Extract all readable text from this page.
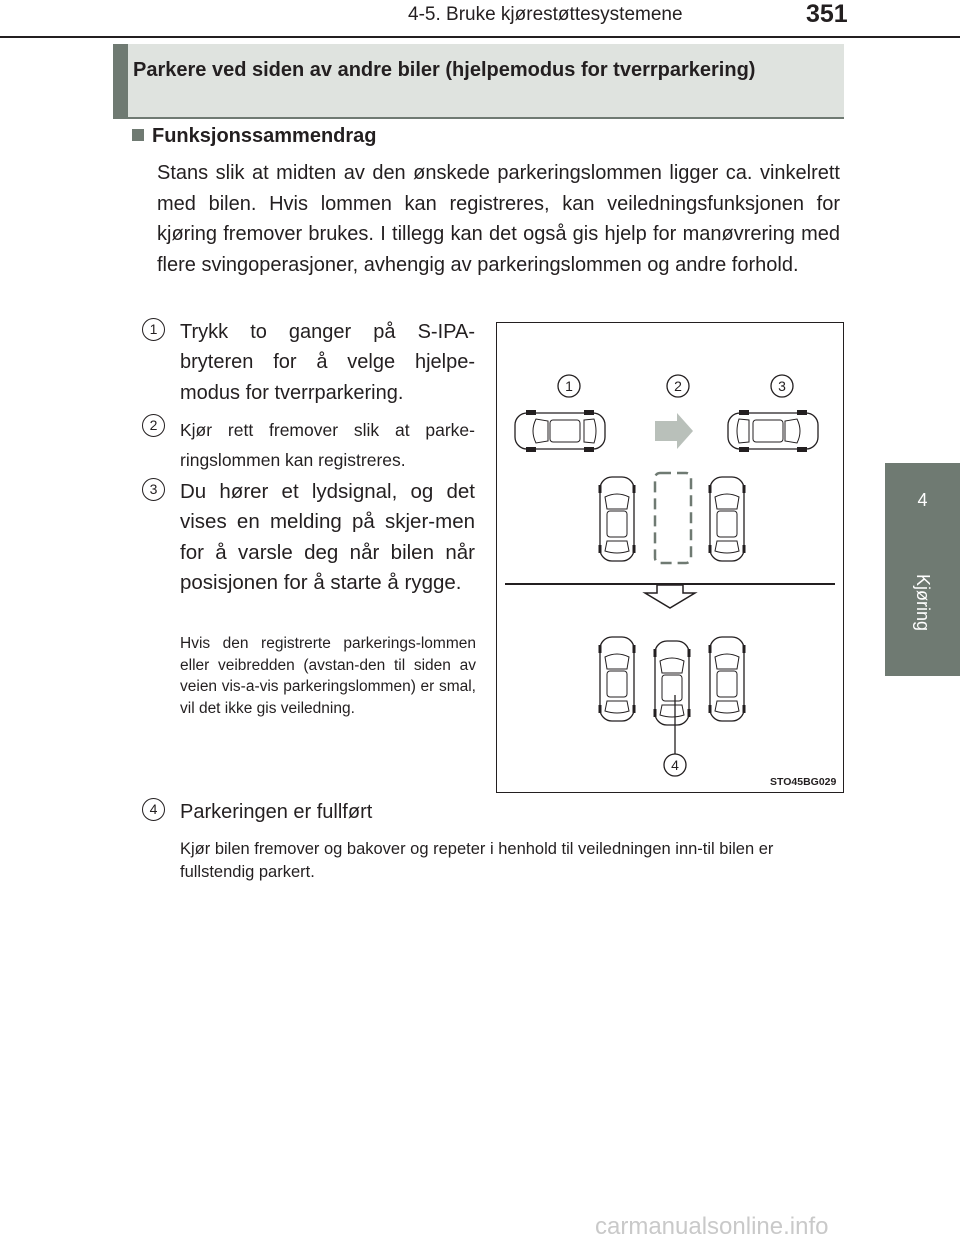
4-5. Bruke kjørestøttesystemene	351
4
Kjøring
Parkere ved siden av andre biler (hjelpemodus for tverrparkering)
Funksjonssammendrag
Stans slik at midten av den ønskede parkeringslommen ligger ca. vinkelrett med bilen. Hvis lommen kan registreres, kan veiledningsfunksjonen for kjøring fremover brukes. I tillegg kan det også gis hjelp for manøvrering med flere svingoperasjoner, avhengig av parkeringslommen og andre forhold.
1	Trykk to ganger på S-IPA-bryteren for å velge hjelpe-modus for tverrparkering.
2	Kjør rett fremover slik at parke-ringslommen kan registreres.
3	Du hører et lydsignal, og det vises en melding på skjer-men for å varsle deg når bilen når posisjonen for å starte å rygge.
Hvis den registrerte parkerings-lommen eller veibredden (avstan-den til siden av veien vis-a-vis parkeringslommen) er smal, vil det ikke gis veiledning.
4	Parkeringen er fullført
Kjør bilen fremover og bakover og repeter i henhold til veiledningen inn-til bilen er fullstendig parkert.
1	2	3
4
STO45BG029
carmanualsonline.info
